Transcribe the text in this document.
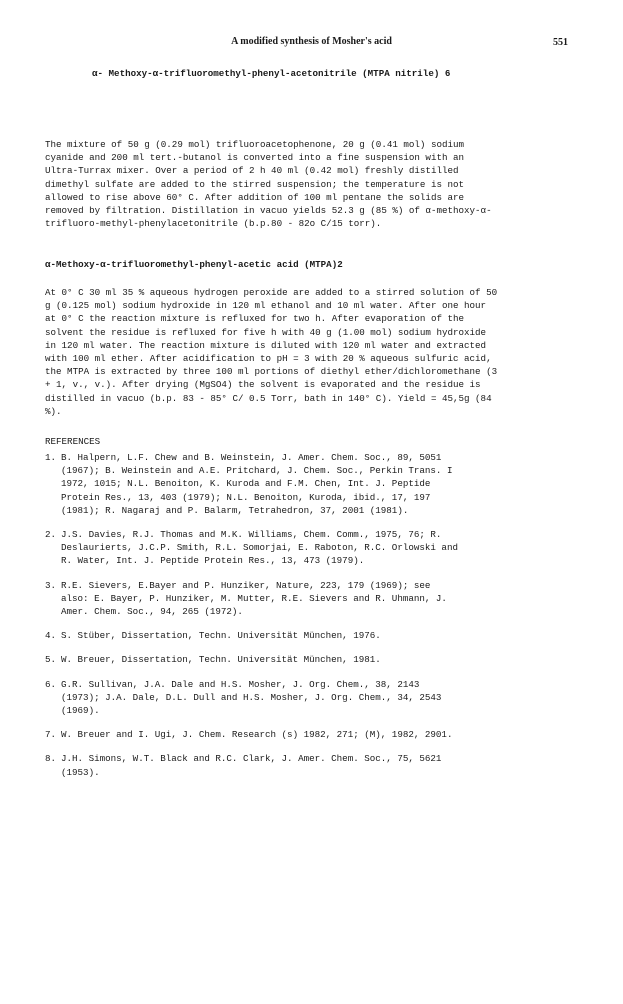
A modified synthesis of Mosher's acid	551
α- Methoxy-α-trifluoromethyl-phenyl-acetonitrile (MTPA nitrile) 6
The mixture of 50 g (0.29 mol) trifluoroacetophenone, 20 g (0.41 mol) sodium
cyanide and 200 ml tert.-butanol is converted into a fine suspension with an
Ultra-Turrax mixer. Over a period of 2 h 40 ml (0.42 mol) freshly distilled
dimethyl sulfate are added to the stirred suspension; the temperature is not
allowed to rise above 60° C. After addition of 100 ml pentane the solids are
removed by filtration. Distillation in vacuo yields 52.3 g (85 %) of α-methoxy-α-
trifluoro-methyl-phenylacetonitrile (b.p.80 - 82o C/15 torr).
α-Methoxy-α-trifluoromethyl-phenyl-acetic acid (MTPA)2
At 0° C 30 ml 35 % aqueous hydrogen peroxide are added to a stirred solution of 50
g (0.125 mol) sodium hydroxide in 120 ml ethanol and 10 ml water. After one hour
at 0° C the reaction mixture is refluxed for two h. After evaporation of the
solvent the residue is refluxed for five h with 40 g (1.00 mol) sodium hydroxide
in 120 ml water. The reaction mixture is diluted with 120 ml water and extracted
with 100 ml ether. After acidification to pH = 3 with 20 % aqueous sulfuric acid,
the MTPA is extracted by three 100 ml portions of diethyl ether/dichloromethane (3
+ 1, v., v.). After drying (MgSO4) the solvent is evaporated and the residue is
distilled in vacuo (b.p. 83 - 85° C/ 0.5 Torr, bath in 140° C). Yield = 45,5g (84
%).
REFERENCES
1. B. Halpern, L.F. Chew and B. Weinstein, J. Amer. Chem. Soc., 89, 5051
(1967); B. Weinstein and A.E. Pritchard, J. Chem. Soc., Perkin Trans. I
1972, 1015; N.L. Benoiton, K. Kuroda and F.M. Chen, Int. J. Peptide
Protein Res., 13, 403 (1979); N.L. Benoiton, Kuroda, ibid., 17, 197
(1981); R. Nagaraj and P. Balarm, Tetrahedron, 37, 2001 (1981).
2. J.S. Davies, R.J. Thomas and M.K. Williams, Chem. Comm., 1975, 76; R.
Deslaurierts, J.C.P. Smith, R.L. Somorjai, E. Raboton, R.C. Orlowski and
R. Water, Int. J. Peptide Protein Res., 13, 473 (1979).
3. R.E. Sievers, E.Bayer and P. Hunziker, Nature, 223, 179 (1969); see
also: E. Bayer, P. Hunziker, M. Mutter, R.E. Sievers and R. Uhmann, J.
Amer. Chem. Soc., 94, 265 (1972).
4. S. Stüber, Dissertation, Techn. Universität München, 1976.
5. W. Breuer, Dissertation, Techn. Universität München, 1981.
6. G.R. Sullivan, J.A. Dale and H.S. Mosher, J. Org. Chem., 38, 2143
(1973); J.A. Dale, D.L. Dull and H.S. Mosher, J. Org. Chem., 34, 2543
(1969).
7. W. Breuer and I. Ugi, J. Chem. Research (s) 1982, 271; (M), 1982, 2901.
8. J.H. Simons, W.T. Black and R.C. Clark, J. Amer. Chem. Soc., 75, 5621
(1953).
